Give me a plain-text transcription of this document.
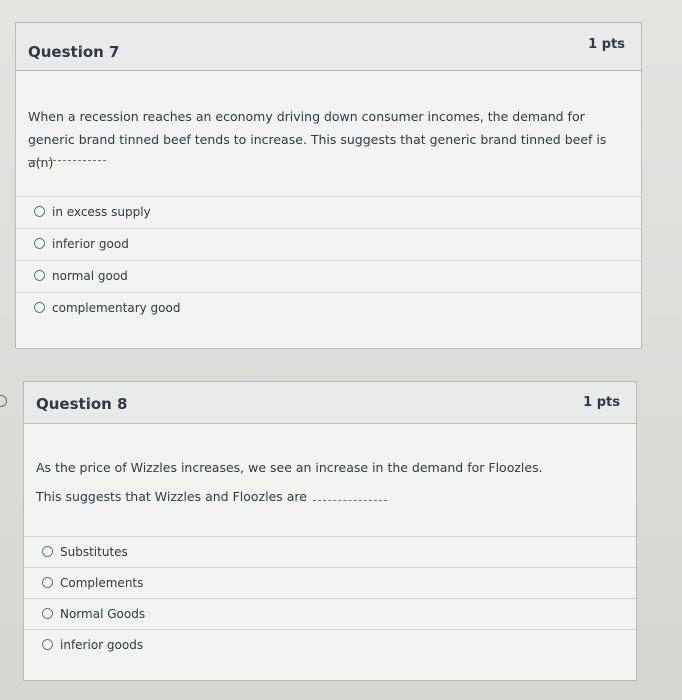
Question 7	1 pts
When a recession reaches an economy driving down consumer incomes, the demand for generic brand tinned beef tends to increase. This suggests that generic brand tinned beef is a(n)
in excess supply
inferior good
normal good
complementary good
Question 8	1 pts
As the price of Wizzles increases, we see an increase in the demand for Floozles.
This suggests that Wizzles and Floozles are
Substitutes
Complements
Normal Goods
inferior goods
